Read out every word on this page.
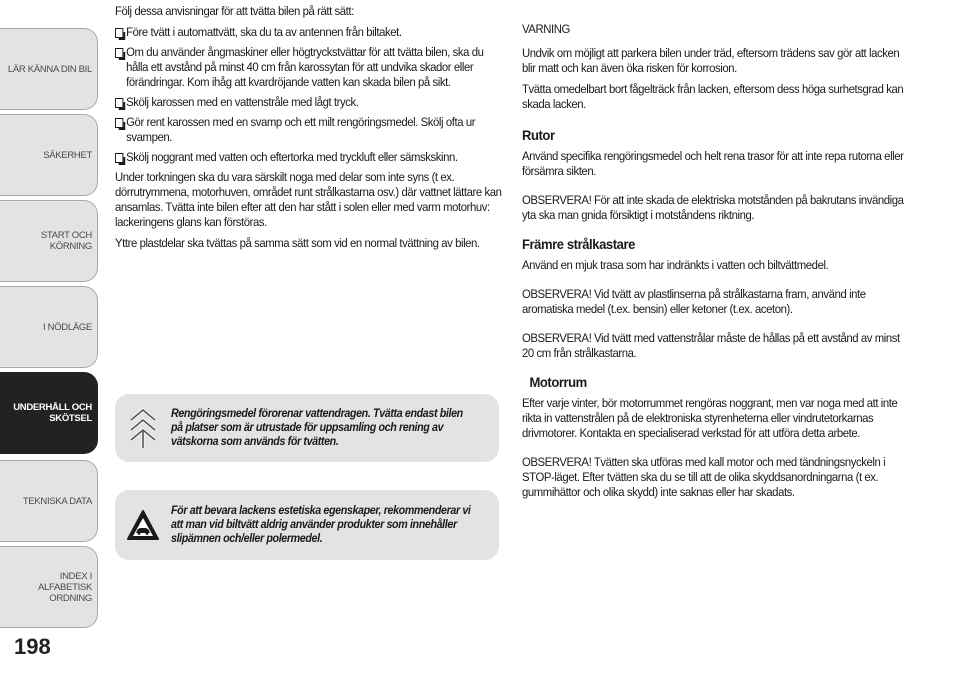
LÄR KÄNNA DIN BIL
SÄKERHET
START OCH KÖRNING
I NÖDLÄGE
UNDERHÅLL OCH SKÖTSEL
TEKNISKA DATA
INDEX I ALFABETISK ORDNING
198

Följ dessa anvisningar för att tvätta bilen på rätt sätt:

Före tvätt i automattvätt, ska du ta av antennen från biltaket.
Om du använder ångmaskiner eller högtryckstvättar för att tvätta bilen, ska du hålla ett avstånd på minst 40 cm från karossytan för att undvika skador eller förändringar. Kom ihåg att kvardröjande vatten kan skada bilen på sikt.
Skölj karossen med en vattenstråle med lågt tryck.
Gör rent karossen med en svamp och ett milt rengöringsmedel. Skölj ofta ur svampen.
Skölj noggrant med vatten och eftertorka med tryckluft eller sämskskinn.

Under torkningen ska du vara särskilt noga med delar som inte syns (t ex. dörrutrymmena, motorhuven, området runt strålkastarna osv.) där vattnet lättare kan ansamlas. Tvätta inte bilen efter att den har stått i solen eller med varm motorhuv: lackeringens glans kan förstöras.

Yttre plastdelar ska tvättas på samma sätt som vid en normal tvättning av bilen.

Rengöringsmedel förorenar vattendragen. Tvätta endast bilen på platser som är utrustade för uppsamling och rening av vätskorna som används för tvätten.
För att bevara lackens estetiska egenskaper, rekommenderar vi att man vid biltvätt aldrig använder produkter som innehåller slipämnen och/eller polermedel.

VARNING

Undvik om möjligt att parkera bilen under träd, eftersom trädens sav gör att lacken blir matt och kan även öka risken för korrosion.

Tvätta omedelbart bort fågelträck från lacken, eftersom dess höga surhetsgrad kan skada lacken.

Rutor

Använd specifika rengöringsmedel och helt rena trasor för att inte repa rutorna eller försämra sikten.

OBSERVERA! För att inte skada de elektriska motstånden på bakrutans invändiga yta ska man gnida försiktigt i motståndens riktning.

Främre strålkastare

Använd en mjuk trasa som har indränkts i vatten och biltvättmedel.

OBSERVERA! Vid tvätt av plastlinserna på strålkastarna fram, använd inte aromatiska medel (t.ex. bensin) eller ketoner (t.ex. aceton).

OBSERVERA! Vid tvätt med vattenstrålar måste de hållas på ett avstånd av minst 20 cm från strålkastarna.

Motorrum

Efter varje vinter, bör motorrummet rengöras noggrant, men var noga med att inte rikta in vattenstrålen på de elektroniska styrenheterna eller vindrutetorkarnas drivmotorer. Kontakta en specialiserad verkstad för att utföra detta arbete.

OBSERVERA! Tvätten ska utföras med kall motor och med tändningsnyckeln i STOP-läget. Efter tvätten ska du se till att de olika skyddsanordningarna (t ex. gummihättor och olika skydd) inte saknas eller har skadats.
